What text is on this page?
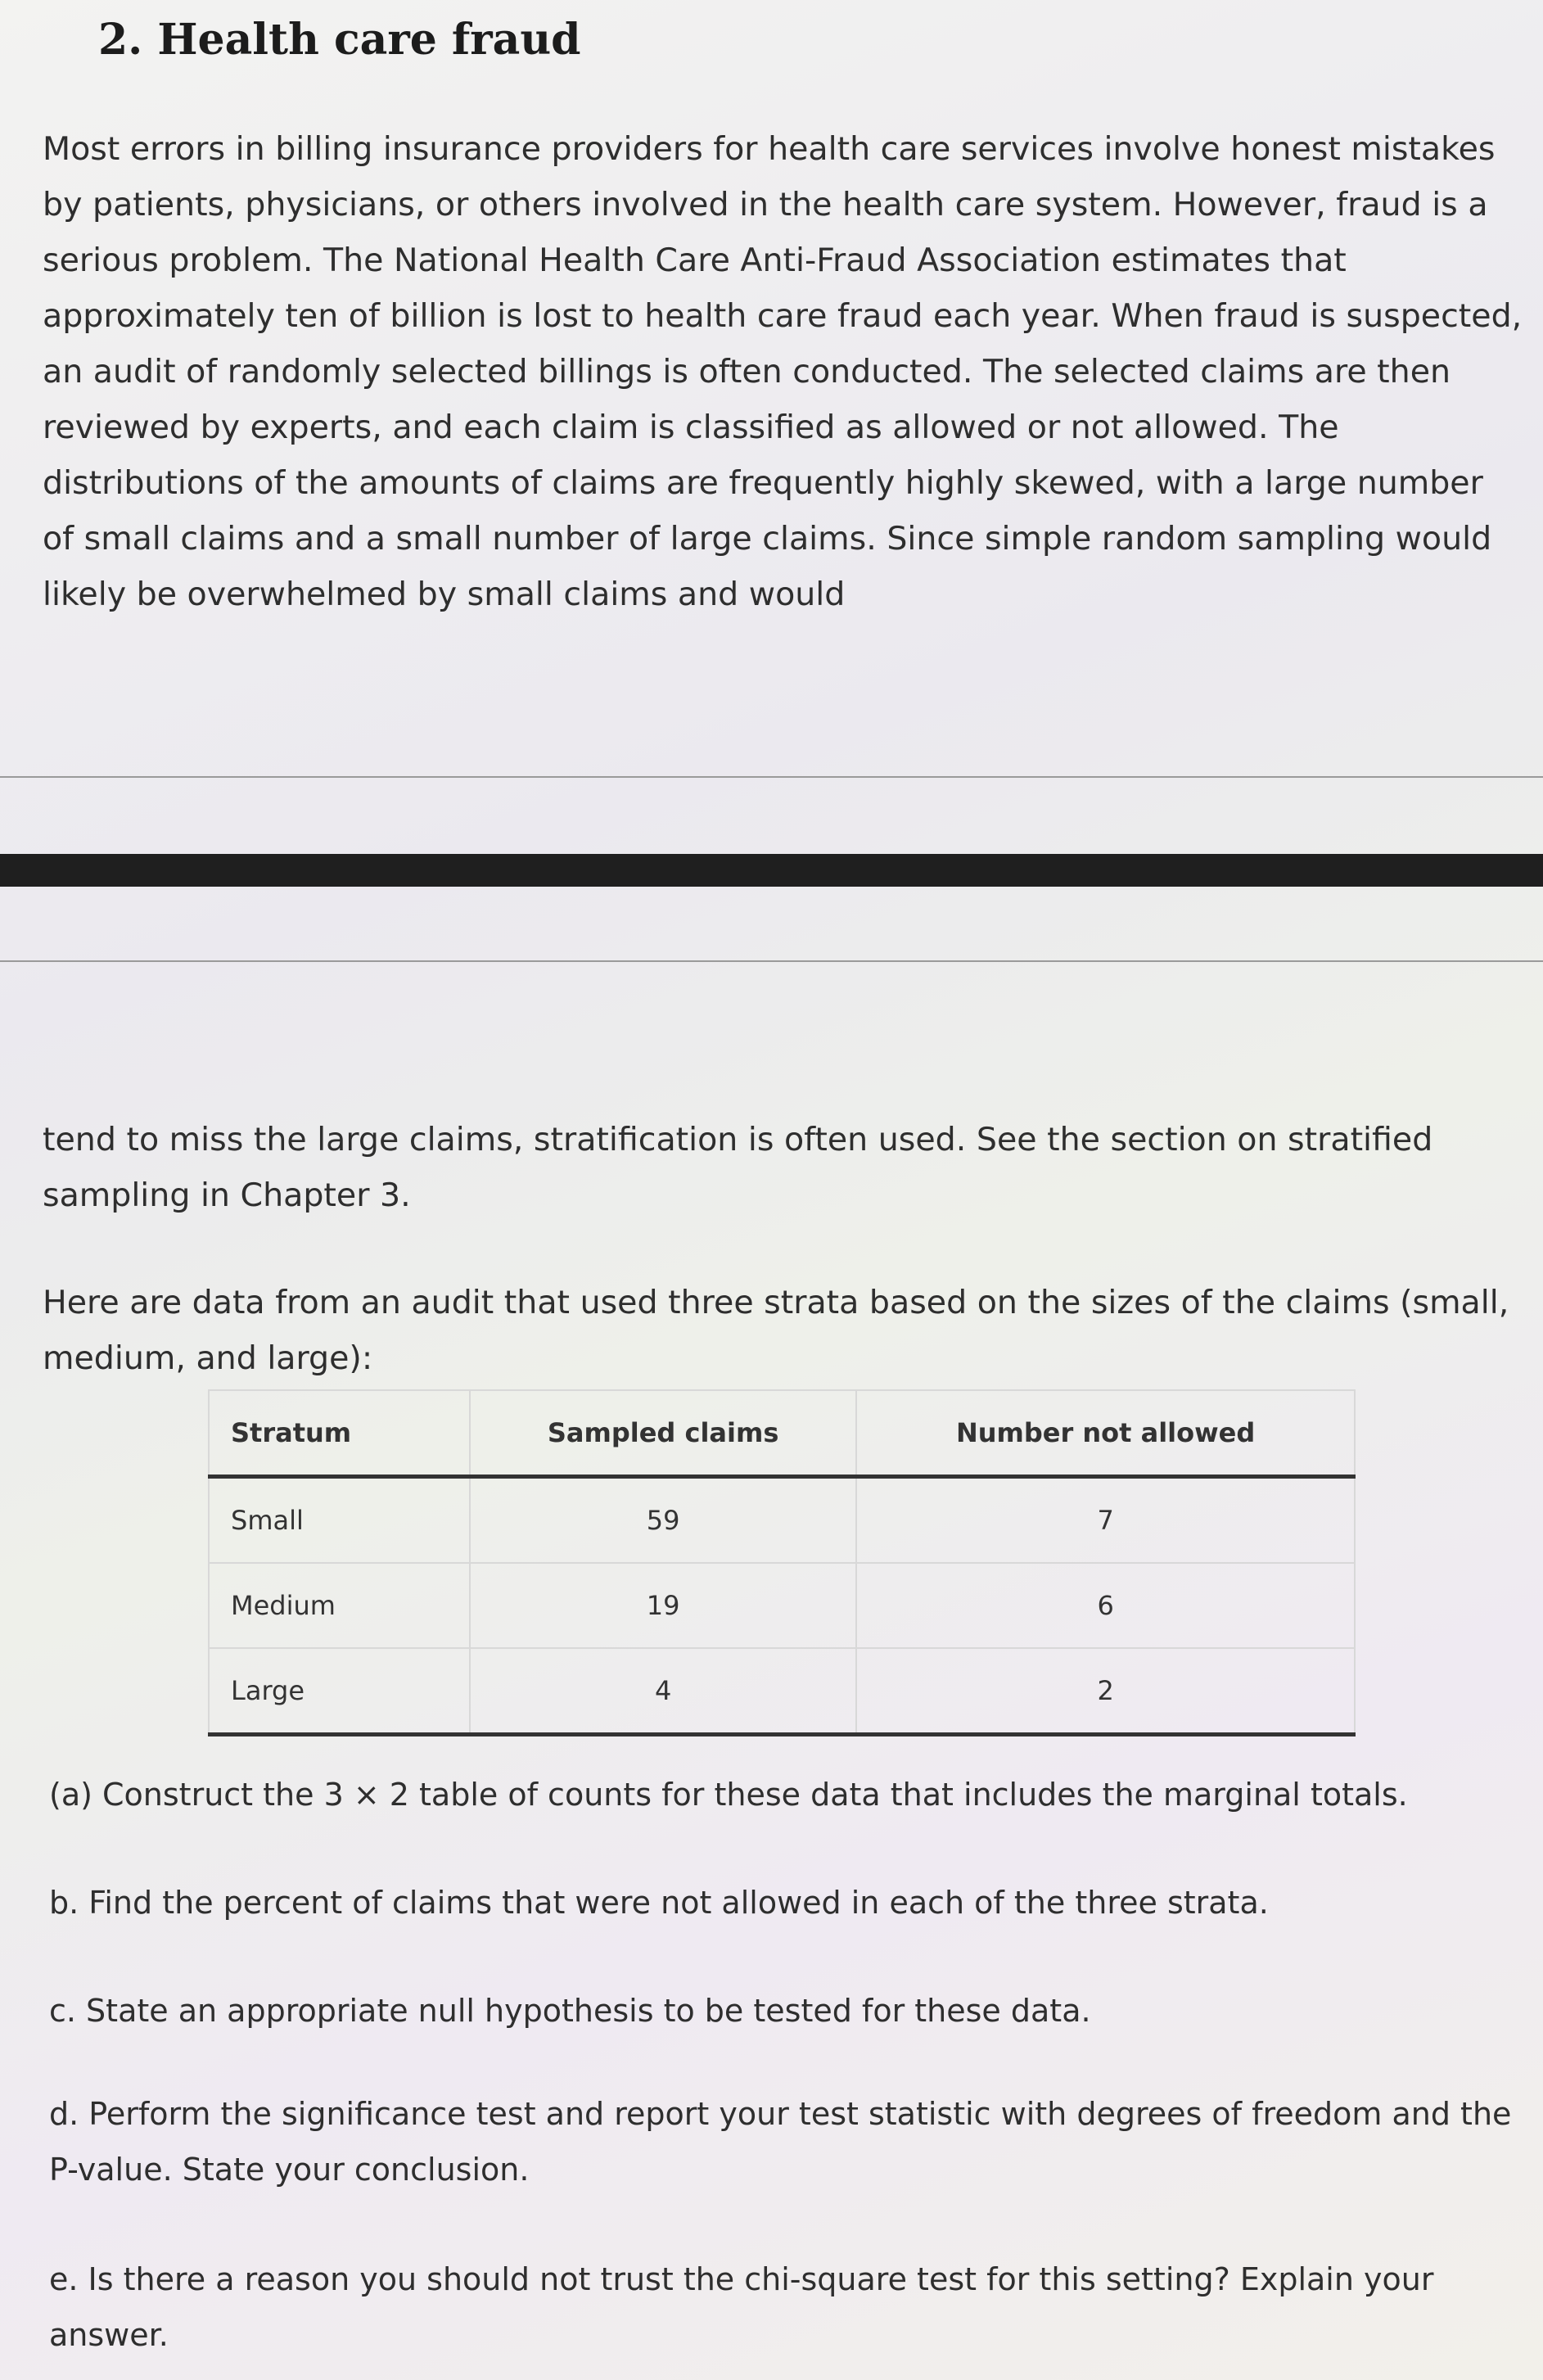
2. Health care fraud

Most errors in billing insurance providers for health care services involve honest mistakes by patients, physicians, or others involved in the health care system. However, fraud is a serious problem. The National Health Care Anti-Fraud Association estimates that approximately ten of billion is lost to health care fraud each year. When fraud is suspected, an audit of randomly selected billings is often conducted. The selected claims are then reviewed by experts, and each claim is classified as allowed or not allowed. The distributions of the amounts of claims are frequently highly skewed, with a large number of small claims and a small number of large claims. Since simple random sampling would likely be overwhelmed by small claims and would

tend to miss the large claims, stratification is often used. See the section on stratified sampling in Chapter 3.

Here are data from an audit that used three strata based on the sizes of the claims (small, medium, and large):

Stratum	Sampled claims	Number not allowed
Small	59	7
Medium	19	6
Large	4	2

(a) Construct the 3 × 2 table of counts for these data that includes the marginal totals.

b. Find the percent of claims that were not allowed in each of the three strata.

c. State an appropriate null hypothesis to be tested for these data.

d. Perform the significance test and report your test statistic with degrees of freedom and the P-value. State your conclusion.

e. Is there a reason you should not trust the chi-square test for this setting? Explain your answer.
